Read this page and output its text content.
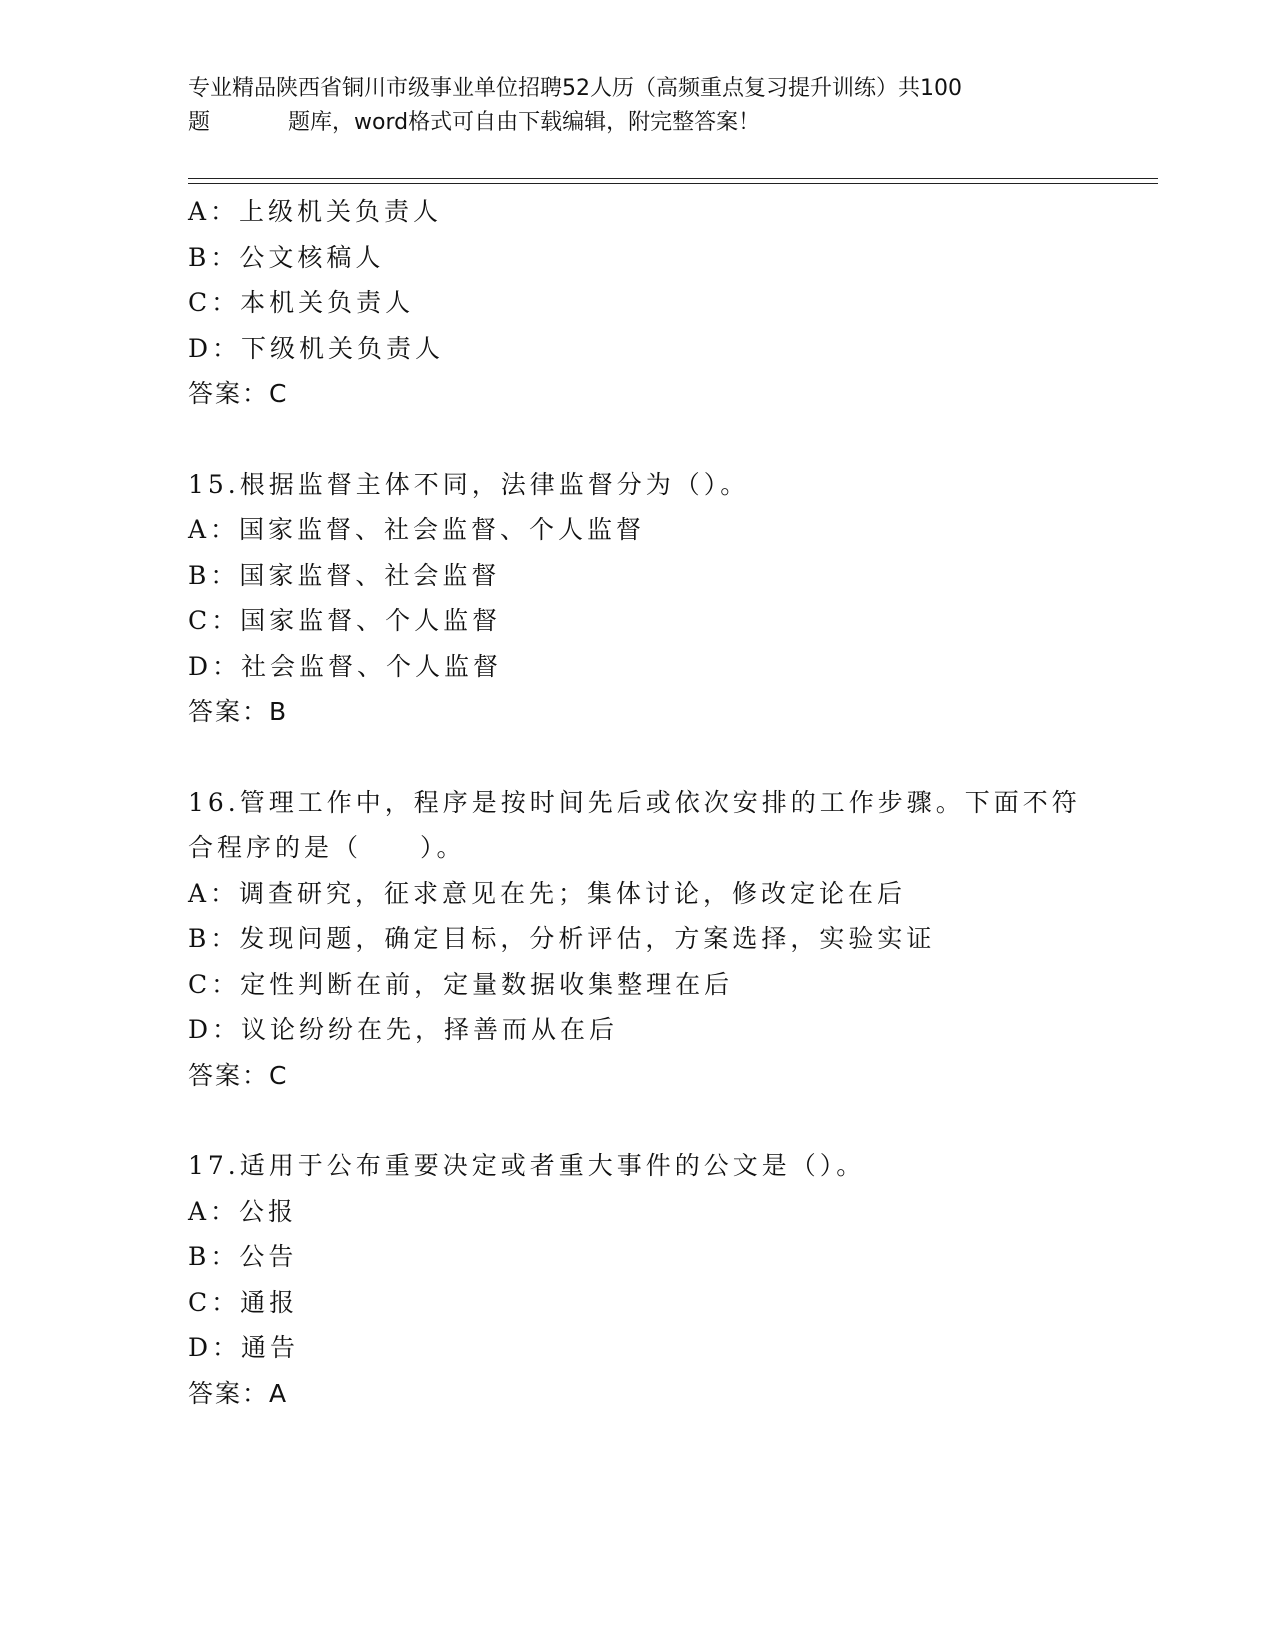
专业精品陕西省铜川市级事业单位招聘52人历（高频重点复习提升训练）共100
题	题库，word格式可自由下载编辑，附完整答案！
A：上级机关负责人
B：公文核稿人
C：本机关负责人
D：下级机关负责人
答案：C
15.根据监督主体不同，法律监督分为（）。
A：国家监督、社会监督、个人监督
B：国家监督、社会监督
C：国家监督、个人监督
D：社会监督、个人监督
答案：B
16.管理工作中，程序是按时间先后或依次安排的工作步骤。下面不符
合程序的是（　　）。
A：调查研究，征求意见在先；集体讨论，修改定论在后
B：发现问题，确定目标，分析评估，方案选择，实验实证
C：定性判断在前，定量数据收集整理在后
D：议论纷纷在先，择善而从在后
答案：C
17.适用于公布重要决定或者重大事件的公文是（）。
A：公报
B：公告
C：通报
D：通告
答案：A
